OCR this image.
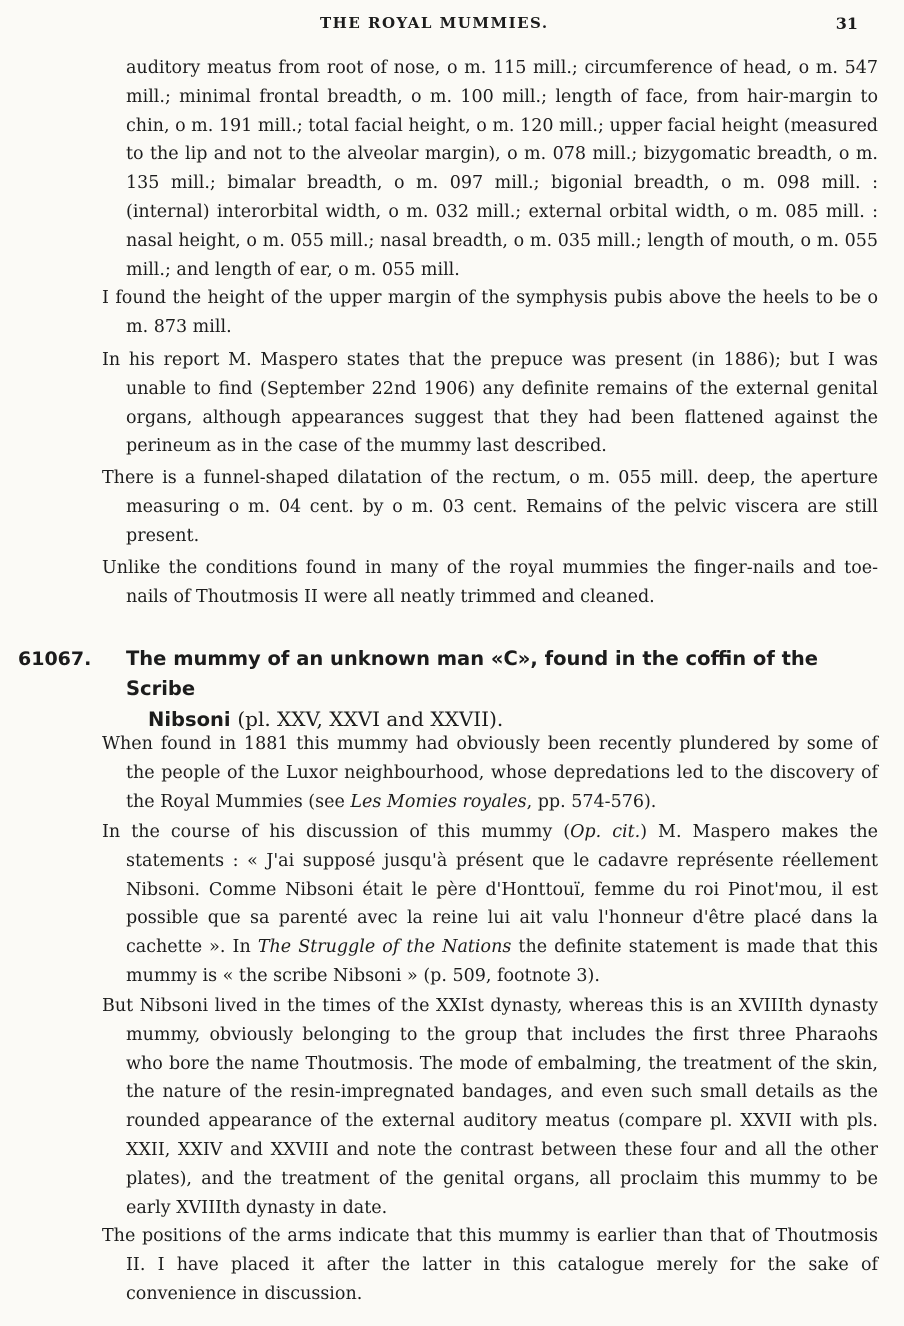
THE ROYAL MUMMIES.	31

auditory meatus from root of nose, o m. 115 mill.; circumference of head, o m. 547 mill.; minimal frontal breadth, o m. 100 mill.; length of face, from hair-margin to chin, o m. 191 mill.; total facial height, o m. 120 mill.; upper facial height (measured to the lip and not to the alveolar margin), o m. 078 mill.; bizygomatic breadth, o m. 135 mill.; bimalar breadth, o m. 097 mill.; bigonial breadth, o m. 098 mill. : (internal) interorbital width, o m. 032 mill.; external orbital width, o m. 085 mill. : nasal height, o m. 055 mill.; nasal breadth, o m. 035 mill.; length of mouth, o m. 055 mill.; and length of ear, o m. 055 mill.

I found the height of the upper margin of the symphysis pubis above the heels to be o m. 873 mill.

In his report M. Maspero states that the prepuce was present (in 1886); but I was unable to find (September 22nd 1906) any definite remains of the external genital organs, although appearances suggest that they had been flattened against the perineum as in the case of the mummy last described.

There is a funnel-shaped dilatation of the rectum, o m. 055 mill. deep, the aperture measuring o m. 04 cent. by o m. 03 cent. Remains of the pelvic viscera are still present.

Unlike the conditions found in many of the royal mummies the finger-nails and toe-nails of Thoutmosis II were all neatly trimmed and cleaned.

61067. The mummy of an unknown man «C», found in the coffin of the Scribe
Nibsoni (pl. XXV, XXVI and XXVII).

When found in 1881 this mummy had obviously been recently plundered by some of the people of the Luxor neighbourhood, whose depredations led to the discovery of the Royal Mummies (see Les Momies royales, pp. 574-576).

In the course of his discussion of this mummy (Op. cit.) M. Maspero makes the statements : « J'ai supposé jusqu'à présent que le cadavre représente réellement Nibsoni. Comme Nibsoni était le père d'Honttouï, femme du roi Pinot'mou, il est possible que sa parenté avec la reine lui ait valu l'honneur d'être placé dans la cachette ». In The Struggle of the Nations the definite statement is made that this mummy is « the scribe Nibsoni » (p. 509, footnote 3).

But Nibsoni lived in the times of the XXIst dynasty, whereas this is an XVIIIth dynasty mummy, obviously belonging to the group that includes the first three Pharaohs who bore the name Thoutmosis. The mode of embalming, the treatment of the skin, the nature of the resin-impregnated bandages, and even such small details as the rounded appearance of the external auditory meatus (compare pl. XXVII with pls. XXII, XXIV and XXVIII and note the contrast between these four and all the other plates), and the treatment of the genital organs, all proclaim this mummy to be early XVIIIth dynasty in date.

The positions of the arms indicate that this mummy is earlier than that of Thoutmosis II. I have placed it after the latter in this catalogue merely for the sake of convenience in discussion.
